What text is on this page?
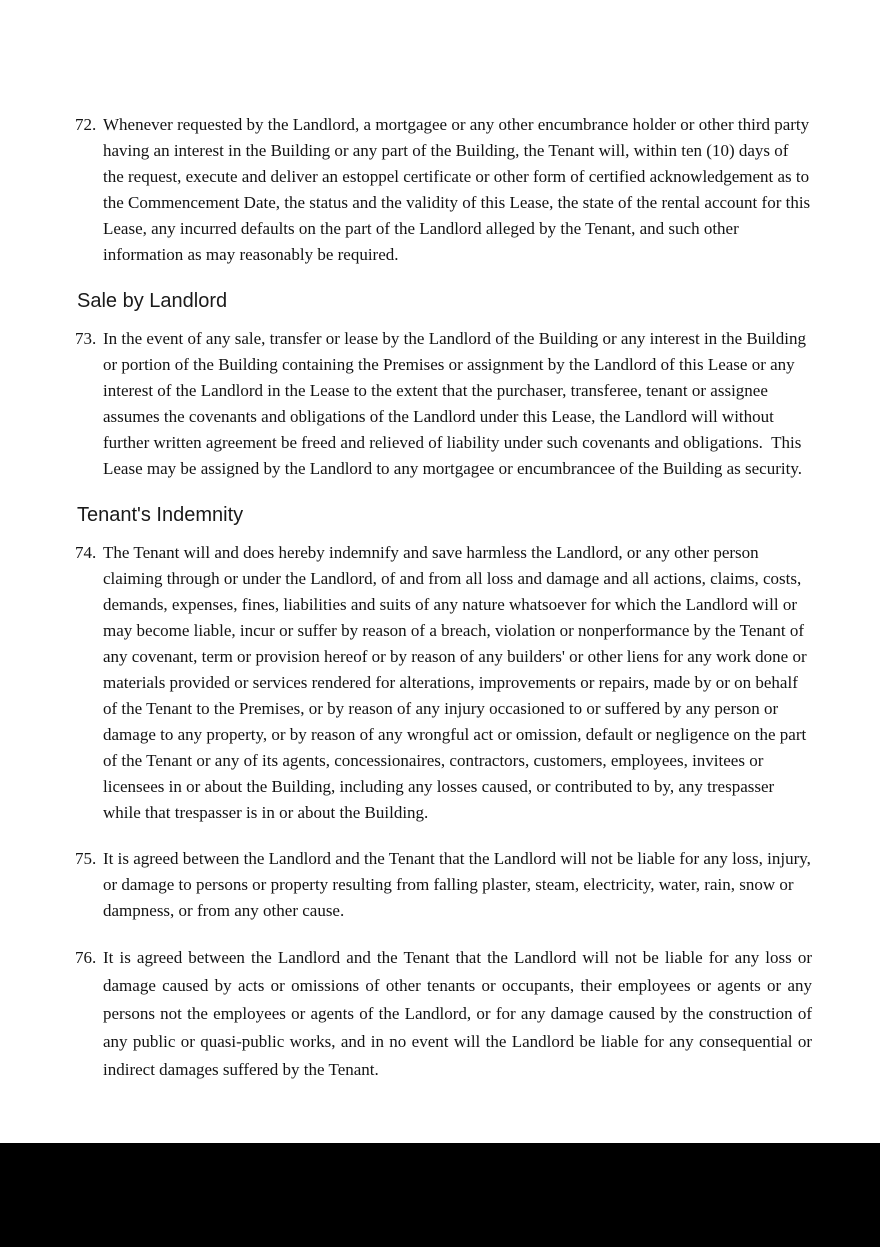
72. Whenever requested by the Landlord, a mortgagee or any other encumbrance holder or other third party having an interest in the Building or any part of the Building, the Tenant will, within ten (10) days of the request, execute and deliver an estoppel certificate or other form of certified acknowledgement as to the Commencement Date, the status and the validity of this Lease, the state of the rental account for this Lease, any incurred defaults on the part of the Landlord alleged by the Tenant, and such other information as may reasonably be required.
Sale by Landlord
73. In the event of any sale, transfer or lease by the Landlord of the Building or any interest in the Building or portion of the Building containing the Premises or assignment by the Landlord of this Lease or any interest of the Landlord in the Lease to the extent that the purchaser, transferee, tenant or assignee assumes the covenants and obligations of the Landlord under this Lease, the Landlord will without further written agreement be freed and relieved of liability under such covenants and obligations.  This Lease may be assigned by the Landlord to any mortgagee or encumbrancee of the Building as security.
Tenant's Indemnity
74. The Tenant will and does hereby indemnify and save harmless the Landlord, or any other person claiming through or under the Landlord, of and from all loss and damage and all actions, claims, costs, demands, expenses, fines, liabilities and suits of any nature whatsoever for which the Landlord will or may become liable, incur or suffer by reason of a breach, violation or nonperformance by the Tenant of any covenant, term or provision hereof or by reason of any builders' or other liens for any work done or materials provided or services rendered for alterations, improvements or repairs, made by or on behalf of the Tenant to the Premises, or by reason of any injury occasioned to or suffered by any person or damage to any property, or by reason of any wrongful act or omission, default or negligence on the part of the Tenant or any of its agents, concessionaires, contractors, customers, employees, invitees or licensees in or about the Building, including any losses caused, or contributed to by, any trespasser while that trespasser is in or about the Building.
75. It is agreed between the Landlord and the Tenant that the Landlord will not be liable for any loss, injury, or damage to persons or property resulting from falling plaster, steam, electricity, water, rain, snow or dampness, or from any other cause.
76. It is agreed between the Landlord and the Tenant that the Landlord will not be liable for any loss or damage caused by acts or omissions of other tenants or occupants, their employees or agents or any persons not the employees or agents of the Landlord, or for any damage caused by the construction of any public or quasi-public works, and in no event will the Landlord be liable for any consequential or indirect damages suffered by the Tenant.
